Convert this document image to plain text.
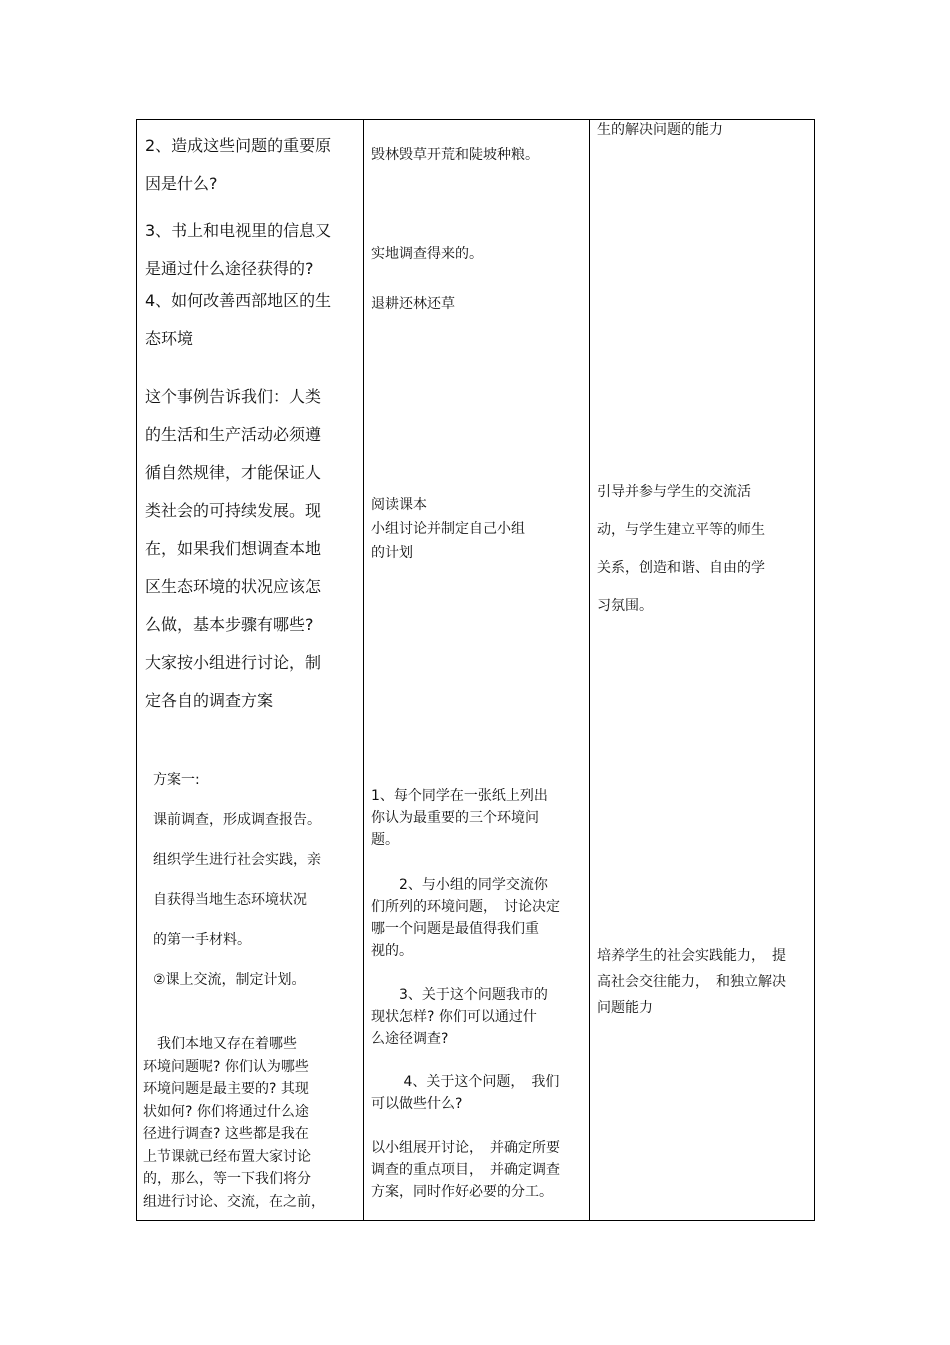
2、造成这些问题的重要原
因是什么?

3、书上和电视里的信息又
是通过什么途径获得的?

4、如何改善西部地区的生
态环境

这个事例告诉我们：人类
的生活和生产活动必须遵
循自然规律，才能保证人
类社会的可持续发展。现
在，如果我们想调查本地
区生态环境的状况应该怎
么做，基本步骤有哪些?
大家按小组进行讨论，制
定各自的调查方案

方案一:
课前调查，形成调查报告。
组织学生进行社会实践，亲
自获得当地生态环境状况
的第一手材料。
②课上交流，制定计划。

　我们本地又存在着哪些
环境问题呢? 你们认为哪些
环境问题是最主要的? 其现
状如何? 你们将通过什么途
径进行调查? 这些都是我在
上节课就已经布置大家讨论
的，那么，等一下我们将分
组进行讨论、交流，在之前，

毁林毁草开荒和陡坡种粮。

实地调查得来的。

退耕还林还草

阅读课本
小组讨论并制定自己小组
的计划

1、每个同学在一张纸上列出
你认为最重要的三个环境问
题。

　　2、与小组的同学交流你
们所列的环境问题，　讨论决定
哪一个问题是最值得我们重
视的。

　　3、关于这个问题我市的
现状怎样? 你们可以通过什
么途径调查?

　　 4、关于这个问题，　我们
可以做些什么?

以小组展开讨论，　并确定所要
调查的重点项目，　并确定调查
方案，同时作好必要的分工。

生的解决问题的能力

引导并参与学生的交流活
动，与学生建立平等的师生
关系，创造和谐、自由的学
习氛围。

培养学生的社会实践能力，　提
高社会交往能力，　和独立解决
问题能力
